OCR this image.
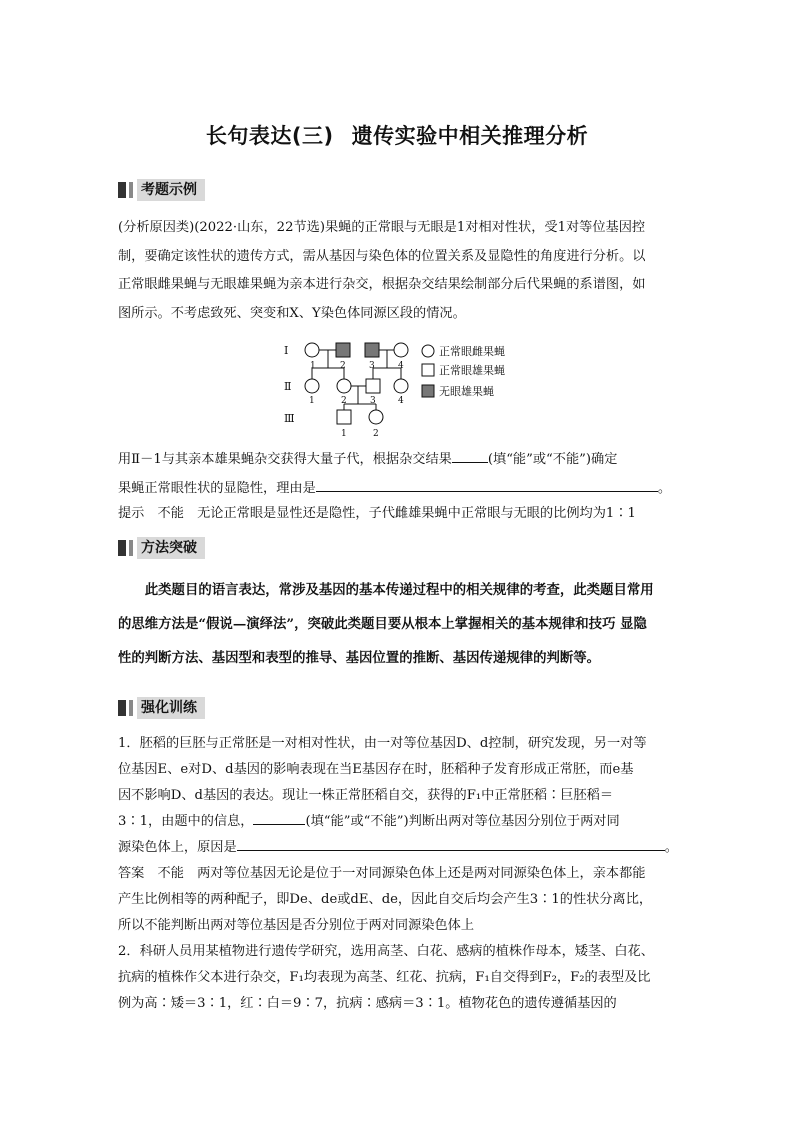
长句表达(三) 遗传实验中相关推理分析
考题示例
(分析原因类)(2022·山东，22节选)果蝇的正常眼与无眼是1对相对性状，受1对等位基因控
制，要确定该性状的遗传方式，需从基因与染色体的位置关系及显隐性的角度进行分析。以
正常眼雌果蝇与无眼雄果蝇为亲本进行杂交，根据杂交结果绘制部分后代果蝇的系谱图，如
图所示。不考虑致死、突变和X、Y染色体同源区段的情况。
Ⅰ
Ⅱ
Ⅲ
1	2	3	4
1	2	3 4
1	2
正常眼雌果蝇
正常眼雄果蝇
无眼雄果蝇
用Ⅱ－1与其亲本雄果蝇杂交获得大量子代，根据杂交结果	(填“能”或“不能”)确定
果蝇正常眼性状的显隐性，理由是	。
提示　不能　无论正常眼是显性还是隐性，子代雌雄果蝇中正常眼与无眼的比例均为1∶1
方法突破
　　此类题目的语言表达，常涉及基因的基本传递过程中的相关规律的考查，此类题目常用
的思维方法是“假说—演绎法”，突破此类题目要从根本上掌握相关的基本规律和技巧 显隐
性的判断方法、基因型和表型的推导、基因位置的推断、基因传递规律的判断等。
强化训练
1．胚稻的巨胚与正常胚是一对相对性状，由一对等位基因D、d控制，研究发现，另一对等
位基因E、e对D、d基因的影响表现在当E基因存在时，胚稻种子发育形成正常胚，而e基
因不影响D、d基因的表达。现让一株正常胚稻自交，获得的F₁中正常胚稻∶巨胚稻＝
3∶1，由题中的信息，	(填“能”或“不能”)判断出两对等位基因分别位于两对同
源染色体上，原因是	。
答案　不能　两对等位基因无论是位于一对同源染色体上还是两对同源染色体上，亲本都能
产生比例相等的两种配子，即De、de或dE、de，因此自交后均会产生3∶1的性状分离比，
所以不能判断出两对等位基因是否分别位于两对同源染色体上
2．科研人员用某植物进行遗传学研究，选用高茎、白花、感病的植株作母本，矮茎、白花、
抗病的植株作父本进行杂交，F₁均表现为高茎、红花、抗病，F₁自交得到F₂，F₂的表型及比
例为高∶矮＝3∶1，红∶白＝9∶7，抗病∶感病＝3∶1。植物花色的遗传遵循基因的
